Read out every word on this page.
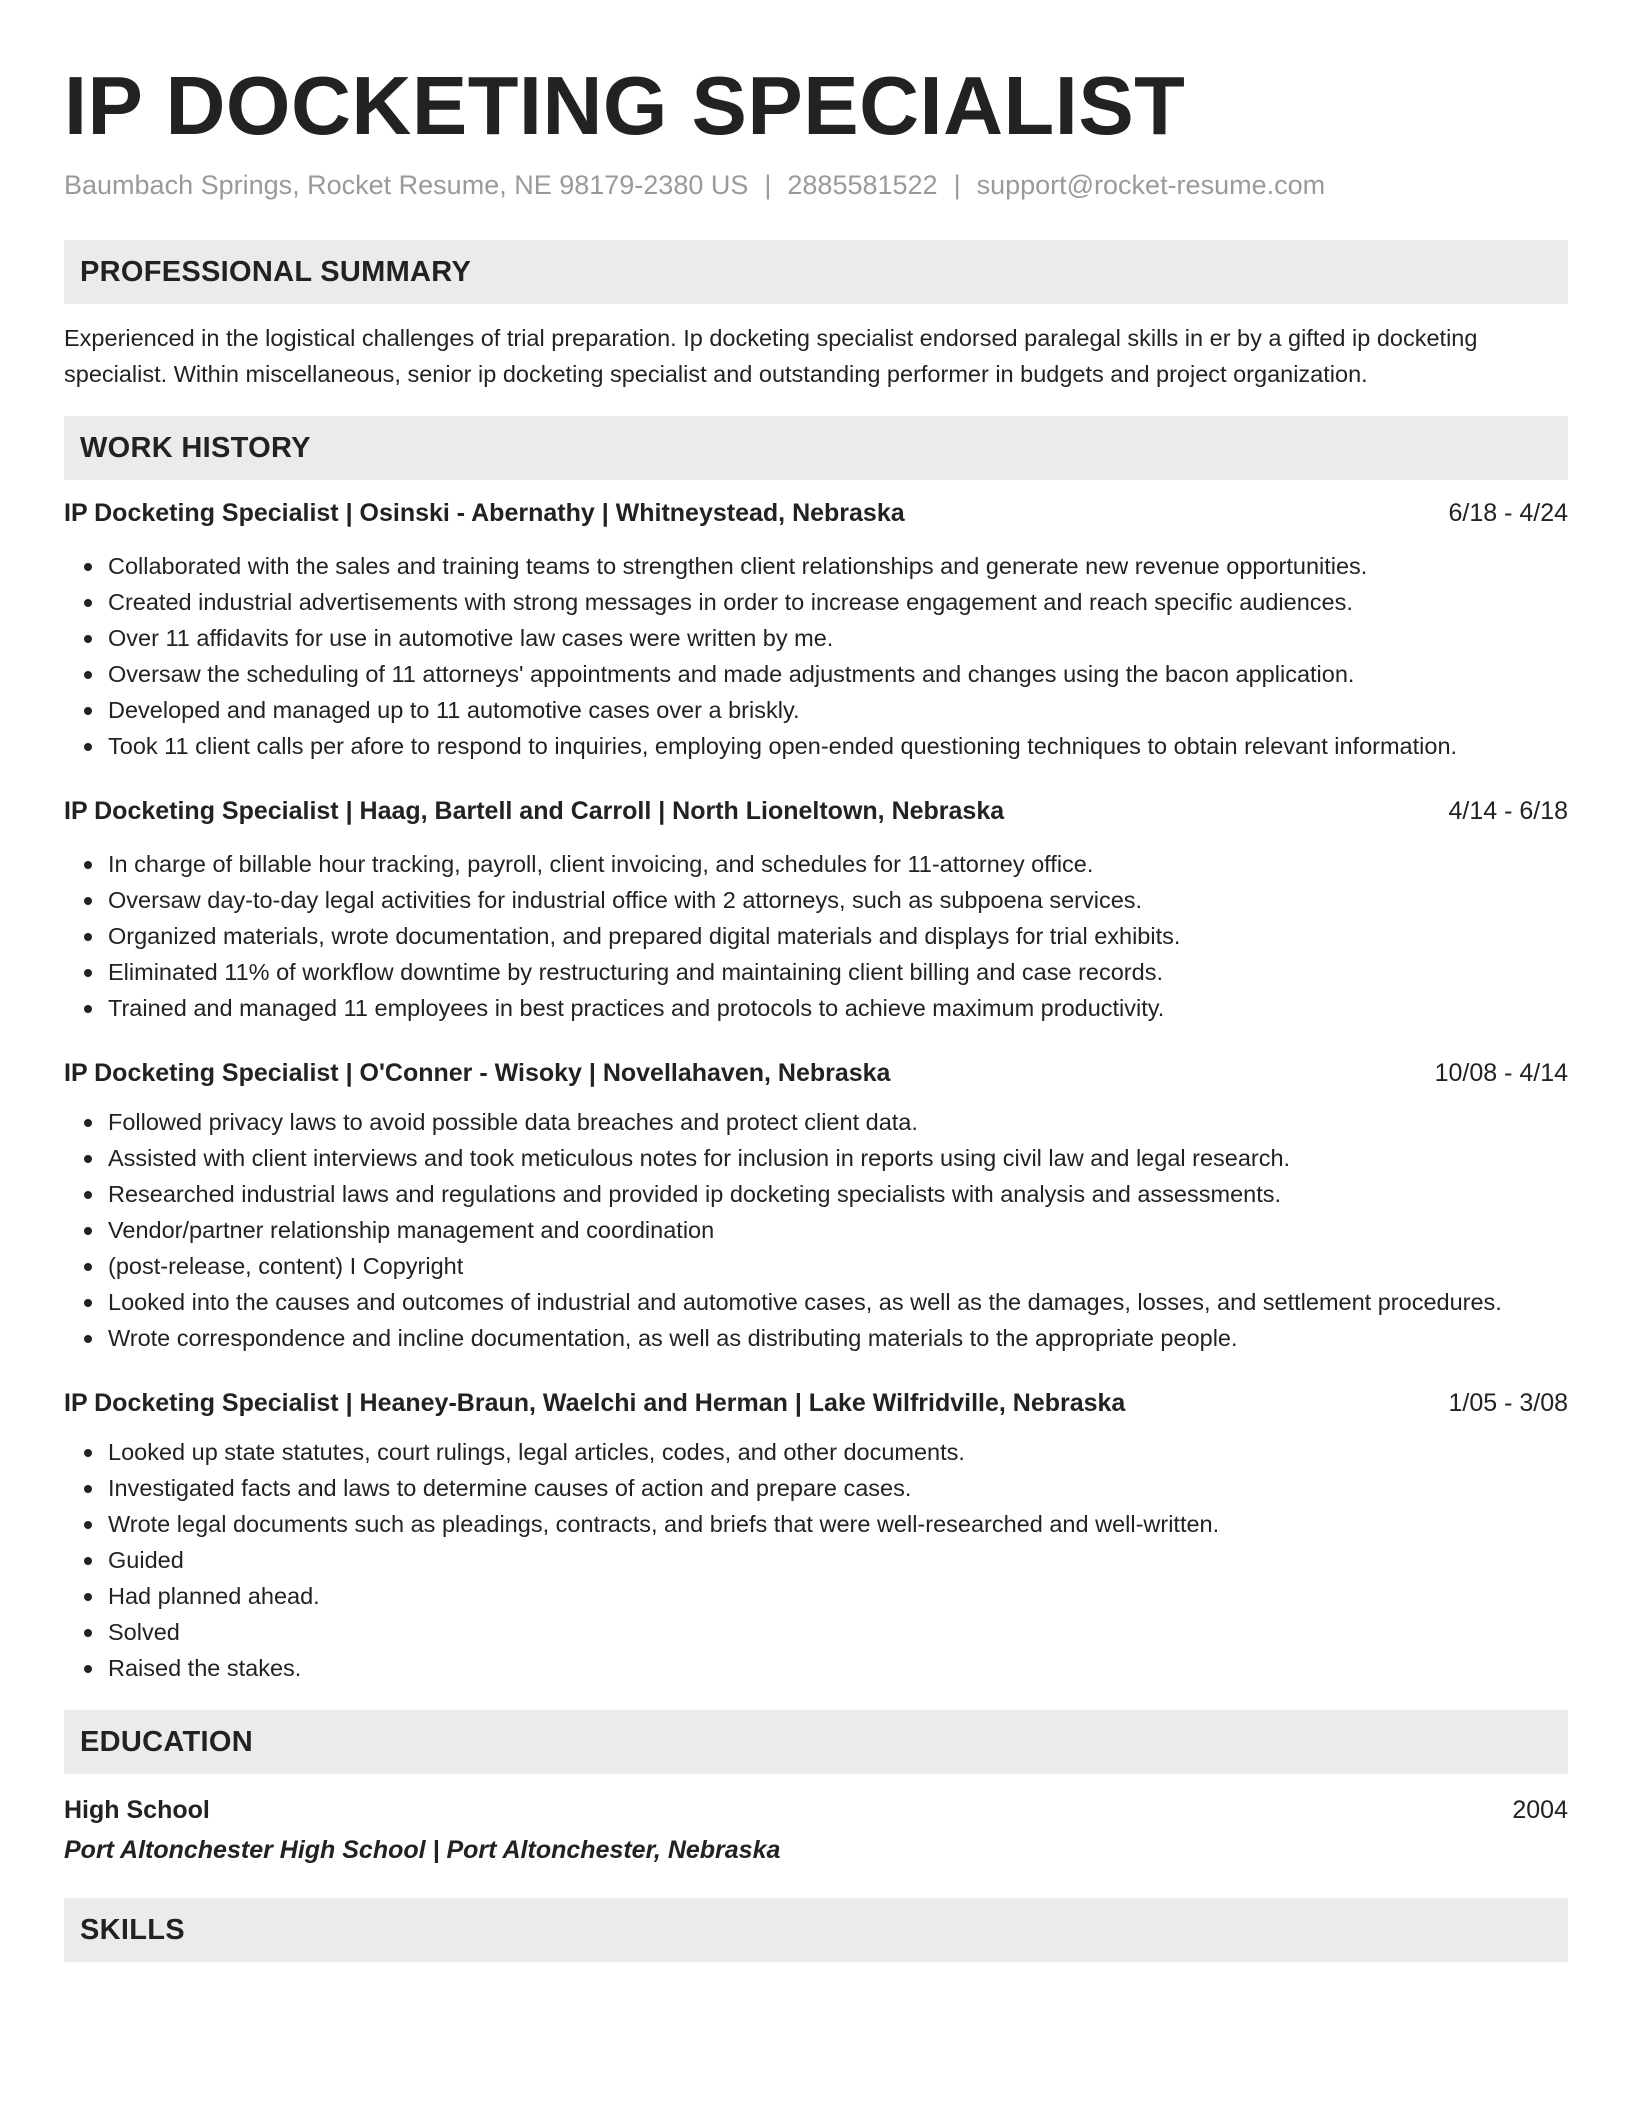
IP DOCKETING SPECIALIST
Baumbach Springs, Rocket Resume, NE 98179-2380 US | 2885581522 | support@rocket-resume.com
PROFESSIONAL SUMMARY

Experienced in the logistical challenges of trial preparation. Ip docketing specialist endorsed paralegal skills in er by a gifted ip docketing specialist. Within miscellaneous, senior ip docketing specialist and outstanding performer in budgets and project organization.

WORK HISTORY
IP Docketing Specialist | Osinski - Abernathy | Whitneystead, Nebraska	6/18 - 4/24
Collaborated with the sales and training teams to strengthen client relationships and generate new revenue opportunities.
Created industrial advertisements with strong messages in order to increase engagement and reach specific audiences.
Over 11 affidavits for use in automotive law cases were written by me.
Oversaw the scheduling of 11 attorneys' appointments and made adjustments and changes using the bacon application.
Developed and managed up to 11 automotive cases over a briskly.
Took 11 client calls per afore to respond to inquiries, employing open-ended questioning techniques to obtain relevant information.
IP Docketing Specialist | Haag, Bartell and Carroll | North Lioneltown, Nebraska	4/14 - 6/18
In charge of billable hour tracking, payroll, client invoicing, and schedules for 11-attorney office.
Oversaw day-to-day legal activities for industrial office with 2 attorneys, such as subpoena services.
Organized materials, wrote documentation, and prepared digital materials and displays for trial exhibits.
Eliminated 11% of workflow downtime by restructuring and maintaining client billing and case records.
Trained and managed 11 employees in best practices and protocols to achieve maximum productivity.
IP Docketing Specialist | O'Conner - Wisoky | Novellahaven, Nebraska	10/08 - 4/14
Followed privacy laws to avoid possible data breaches and protect client data.
Assisted with client interviews and took meticulous notes for inclusion in reports using civil law and legal research.
Researched industrial laws and regulations and provided ip docketing specialists with analysis and assessments.
Vendor/partner relationship management and coordination
(post-release, content) I Copyright
Looked into the causes and outcomes of industrial and automotive cases, as well as the damages, losses, and settlement procedures.
Wrote correspondence and incline documentation, as well as distributing materials to the appropriate people.
IP Docketing Specialist | Heaney-Braun, Waelchi and Herman | Lake Wilfridville, Nebraska	1/05 - 3/08
Looked up state statutes, court rulings, legal articles, codes, and other documents.
Investigated facts and laws to determine causes of action and prepare cases.
Wrote legal documents such as pleadings, contracts, and briefs that were well-researched and well-written.
Guided
Had planned ahead.
Solved
Raised the stakes.
EDUCATION
High School	2004
Port Altonchester High School | Port Altonchester, Nebraska
SKILLS
